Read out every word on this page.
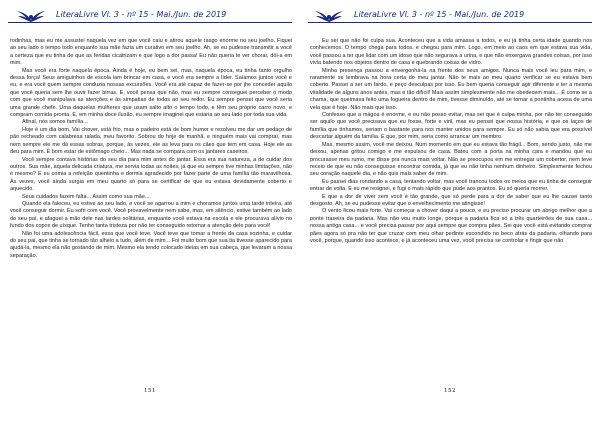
LiteraLivre Vl. 3 - nº 15 - Mai./Jun. de 2019

rodinhas, mas eu me assustei naquela vez em que você caiu e atirou aquele rasgo enorme no seu joelho. Fiquei ao seu lado o tempo todo enquanto sua mãe fazia um curativo em seu joelho. Ah, se eu pudesse transmitir a você a certeza que eu tinha de que as feridas cicatrizam e que logo a dor passa! Eu não queria te ver chorar, dói-a em mim.

Mas você era forte naquela época. Ainda é hoje, eu bem sei, mas, naquela época, eu tinha tanto orgulho dessa força! Seus amiguinhos de escola iam brincar em casa, e você era sempre a líder. Saíamos juntos você e eu, e era você quem sempre conduzia nossas excursões. Você era até capaz de fazer-se por jhe conceder aquilo que você queria sem lhe ouvir fazer birras. E, você pensa que não, mas eu sempre conseguei perceber o modo com que você manipulava as atenções e às simpatias de todos ao seu redor. Eu sempre pensei que você seria uma grande chefe. Uma daquelas mulheres que usam salto alto o tempo todo, e têm seu próprio carro novo, e compram comida pronta. E, em minha doce ilusão, eu sempre imaginei que estaria ao seu lado por toda sua vida.

Afinal, nós somos família...

Hoje é um dia bom. Vai chover, está frio, mas o padeiro está de bom humor e resolveu me dar um pedaço de pão recheado com calabresa ralada, meu favorito. Sobrou do hoje de manhã, e ninguém mais vai comprar, mas nem sempre ele me dá essas sobras, porque, às vezes, ele as leva para os cães que tem em casa. Hoje ele as deu para mim. É bom estar de estômago cheio... Mas nada se compara com os jantares caseiros.

Você sempre contava histórias do seu dia para mim antes do jantar. Essa era sua natureza, a de cuidar dos outros. Sua mãe, aquela delicada criatura, me servia todas as noites, já que eu sempre tive minhas limitações, não é mesmo? E eu comia a refeição quentinha e dormia agradecido por fazer parte de uma família tão maravilhosa. Às vezes, você ainda surgia em meu quarto só para se certificar de que eu estava devidamente coberto e aquecido.

Seus cuidados fazem falta... Assim como sua mãe...

Quando ela faleceu, eu estive ao seu lado, e você se agarrou a mim e choramos juntos uma tarde inteira, até você conseguir dormir. Eu sofri com você. Você provavelmente nem sabe, mas, em silêncio, estive também ao lado do seu pai, e afaguei a mão dele nas tardes solitárias, enquanto você estava na escola e ele procurava alívio no fundo dos copos de uísque. Tenho tanta tristeza por não ter conseguido retornar a atenção dele para você!

Não foi uma adolescência fácil, essa que você teve. Você teve que tomar a frente da casa sozinha, e cuidar do seu pai, que tinha se tornado tão alheio a tudo, além de mim... Foi muito bom que sua tia tivesse aparecido para ajudá-la, mesmo ela não gostando de mim. Mesmo ela tendo colocado ideias em sua cabeça, que levaram a nossa separação.

151
LiteraLivre Vl. 3 - nº 15 - Mai./Jun. de 2019

Eu sei que não foi culpa sua. Aconteceu que a vida amassa a todos, e eu já tinha certa idade quando nos conhecemos. O tempo chega para todos, e chegou para mim. Logo, em meio ao caos em que estava sua vida, você passou a ter que lidar com um idoso que não segurava a urina, e que não enxergava grandes coisas, por isso vivia batendo nos objetos dentro de casa e quebrando coisas de vidro.

Minha presença passou a envergonhá-la na frente dos seus amigos. Nunca mais você leu para mim, e raramente se lembrava na hora certa do meu jantar. Não te mais ao meu quarto verificar se eu estava bem coberto. Passei a ser um fardo, e peço desculpas por isso. Eu bem queria conseguir agir diferente e ter a mesma vitalidade de alguns anos antes, mas é tão difícil! Mais assim simplesmente não me obedecem mais... É como se a chama, que queimava feito uma fogueira dentro de mim, tivesse diminuído, até se tornar a pontinha acesa de uma vela que é hoje. Não mais que isso.

Confesso que a mágoa é enorme, e eu não posso evitar, mas sei que é culpa minha, por não ter conseguido ser aquilo que você precisava que eu fosse, forte e viril, mas eu pensei que nossa história, e que os laços de família que tínhamos, seriam o bastante para nos manter unidos para sempre. Eu só não sabia que era possível descartar alguém da família. E que, por mim, seria como arrancar um membro.

Mas, mesmo assim, você me deixou. Num momento em que eu estava tão frágil... Bom, sendo justo, não me deixou, apenas gritou comigo e me expulsou de casa. Bateu com a porta na minha cara e mandou que eu procurasse meu rumo, me disse pra nunca mais voltar. Não se preocupou em me entregar um cobertor, nem teve receio de que eu não conseguisse encontrar comida, já que eu não tinha nenhum dinheiro. Simplesmente fechou seu coração naquele dia, e não quis mais saber de mim.

Eu passei dias rondando a casa, tentando voltar, mas você trancou todos os meios que eu tinha de conseguir entrar de volta. E eu me resignei, e fugi o mais rápido que pude aos prantos. Eu só queria morrer.

É que a dor de viver sem você é tão grande, que só perde para a dor de saber que eu lhe causei tanto desgosto. Ah, se eu pudesse evitar que o envelhecimento me atingisse!

O vento ficou mais forte. Vai começar a chover daqui a pouco, e eu preciso procurar um abrigo melhor que a ponte traseira da padaria. Mas não vou muito longe, porque a padaria fica só a três quarteirões de sua casa... nossa antiga casa... e você precisa passar por aqui sempre que compra pães. Sei que você está evitando comprar pães agora só pra não ter que cruzar com meu olhar pedinte escondido no beco atrás da padaria, olhando para você, porque, quando isso acontece, e já aconteceu uma vez, você precisa se controlar e fingir que não

152
